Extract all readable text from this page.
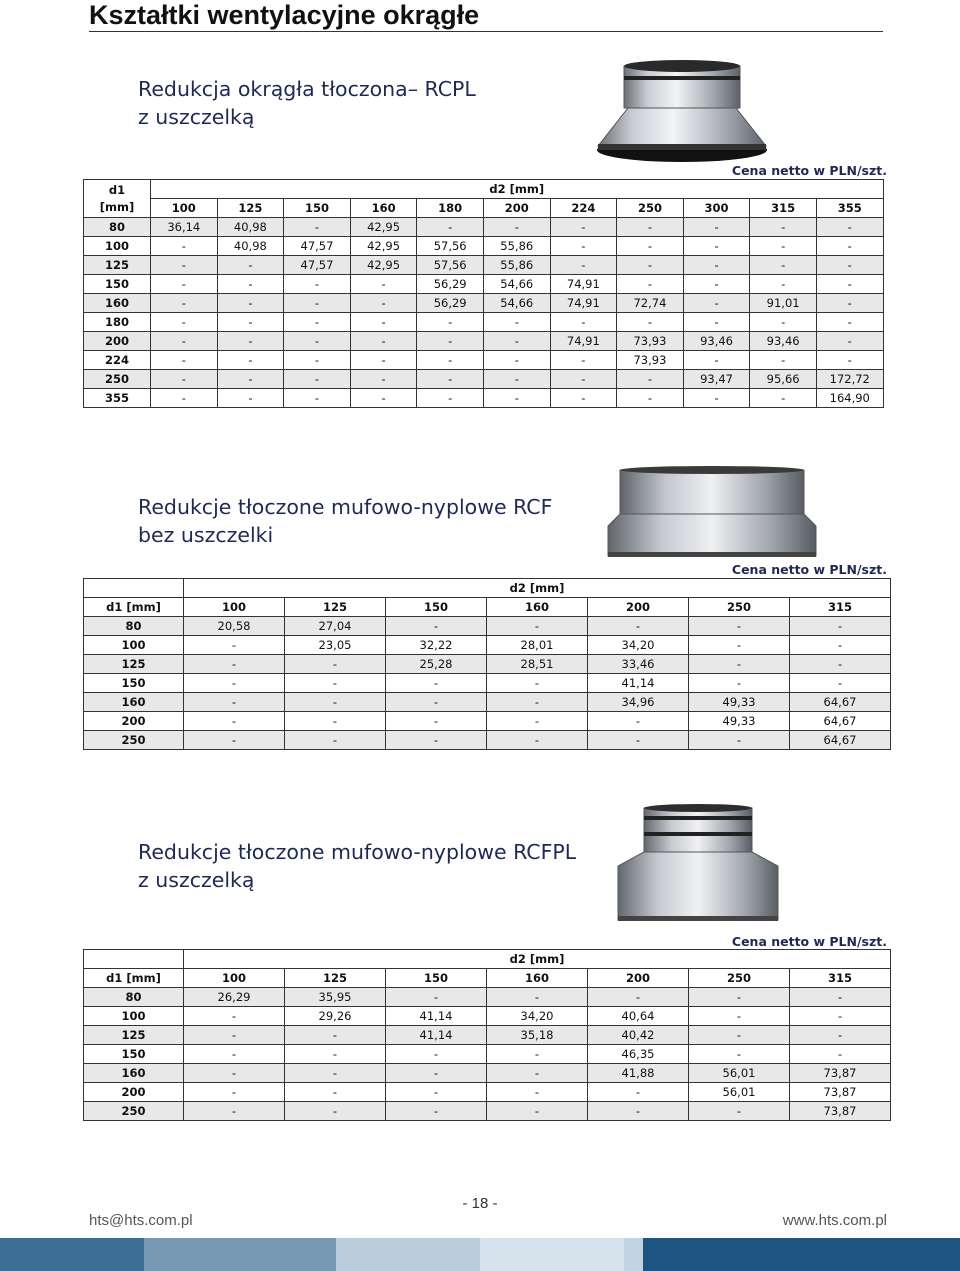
Kształtki wentylacyjne okrągłe
Redukcja okrągła tłoczona– RCPL
z uszczelką
Cena netto w PLN/szt.
d1
[mm]	d2 [mm]										
	100	125	150	160	180	200	224	250	300	315	355
80	36,14	40,98	-	42,95	-	-	-	-	-	-	-
100	-	40,98	47,57	42,95	57,56	55,86	-	-	-	-	-
125	-	-	47,57	42,95	57,56	55,86	-	-	-	-	-
150	-	-	-	-	56,29	54,66	74,91	-	-	-	-
160	-	-	-	-	56,29	54,66	74,91	72,74	-	91,01	-
180	-	-	-	-	-	-	-	-	-	-	-
200	-	-	-	-	-	-	74,91	73,93	93,46	93,46	-
224	-	-	-	-	-	-	-	73,93	-	-	-
250	-	-	-	-	-	-	-	-	93,47	95,66	172,72
355	-	-	-	-	-	-	-	-	-	-	164,90
Redukcje tłoczone mufowo-nyplowe RCF
bez uszczelki
Cena netto w PLN/szt.
	d2 [mm]						
d1 [mm]	100	125	150	160	200	250	315
80	20,58	27,04	-	-	-	-	-
100	-	23,05	32,22	28,01	34,20	-	-
125	-	-	25,28	28,51	33,46	-	-
150	-	-	-	-	41,14	-	-
160	-	-	-	-	34,96	49,33	64,67
200	-	-	-	-	-	49,33	64,67
250	-	-	-	-	-	-	64,67
Redukcje tłoczone mufowo-nyplowe RCFPL
z uszczelką
Cena netto w PLN/szt.
	d2 [mm]						
d1 [mm]	100	125	150	160	200	250	315
80	26,29	35,95	-	-	-	-	-
100	-	29,26	41,14	34,20	40,64	-	-
125	-	-	41,14	35,18	40,42	-	-
150	-	-	-	-	46,35	-	-
160	-	-	-	-	41,88	56,01	73,87
200	-	-	-	-	-	56,01	73,87
250	-	-	-	-	-	-	73,87
- 18 -
hts@hts.com.pl	www.hts.com.pl
